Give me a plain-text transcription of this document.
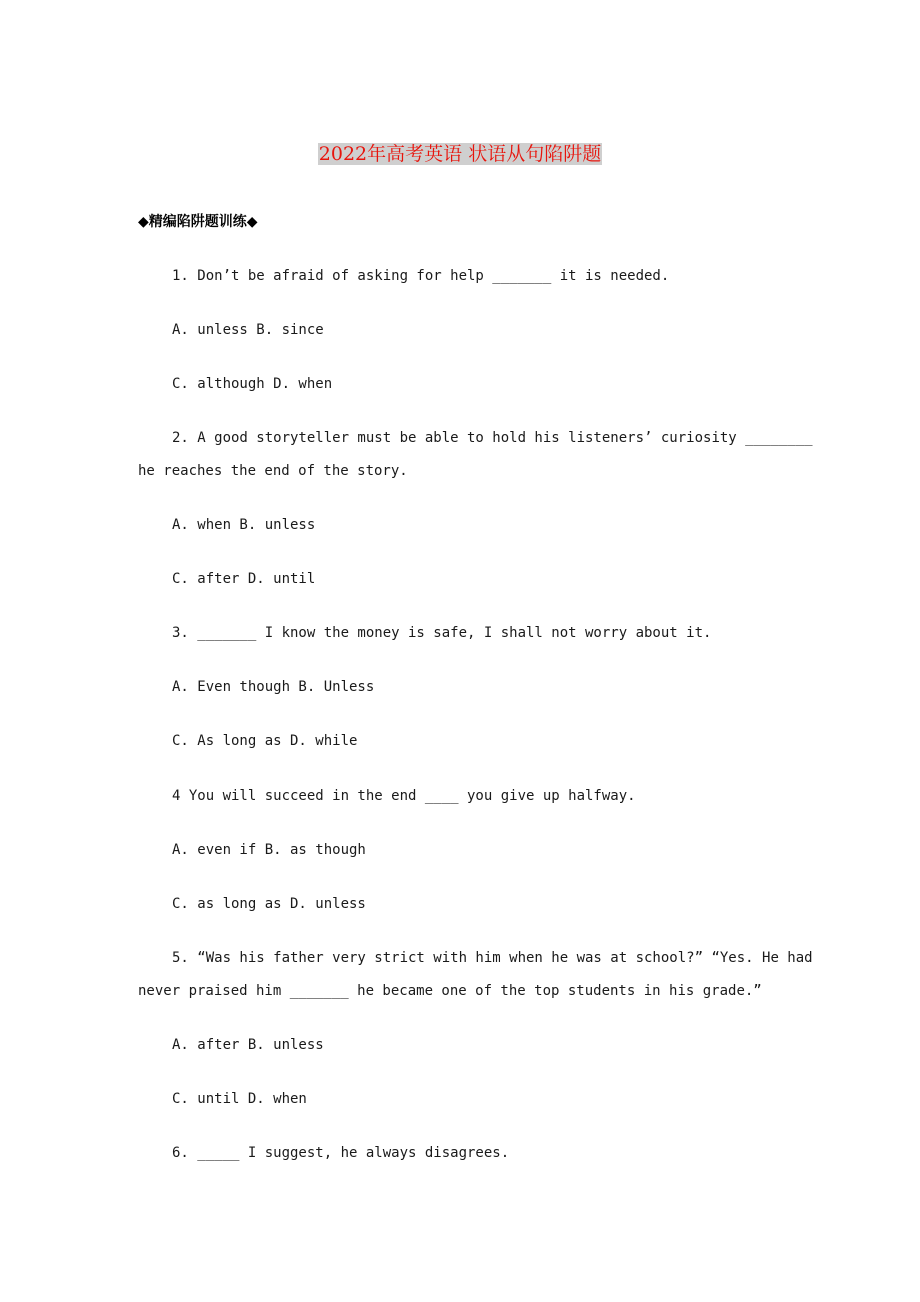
2022年高考英语 状语从句陷阱题
◆精编陷阱题训练◆
1. Don’t be afraid of asking for help _______ it is needed.
A. unless B. since
C. although D. when
2. A good storyteller must be able to hold his listeners’ curiosity ________
he reaches the end of the story.
A. when B. unless
C. after D. until
3. _______ I know the money is safe, I shall not worry about it.
A. Even though B. Unless
C. As long as D. while
4 You will succeed in the end ____ you give up halfway.
A. even if B. as though
C. as long as D. unless
5. “Was his father very strict with him when he was at school?” “Yes. He had
never praised him _______ he became one of the top students in his grade.”
A. after B. unless
C. until D. when
6. _____ I suggest, he always disagrees.
